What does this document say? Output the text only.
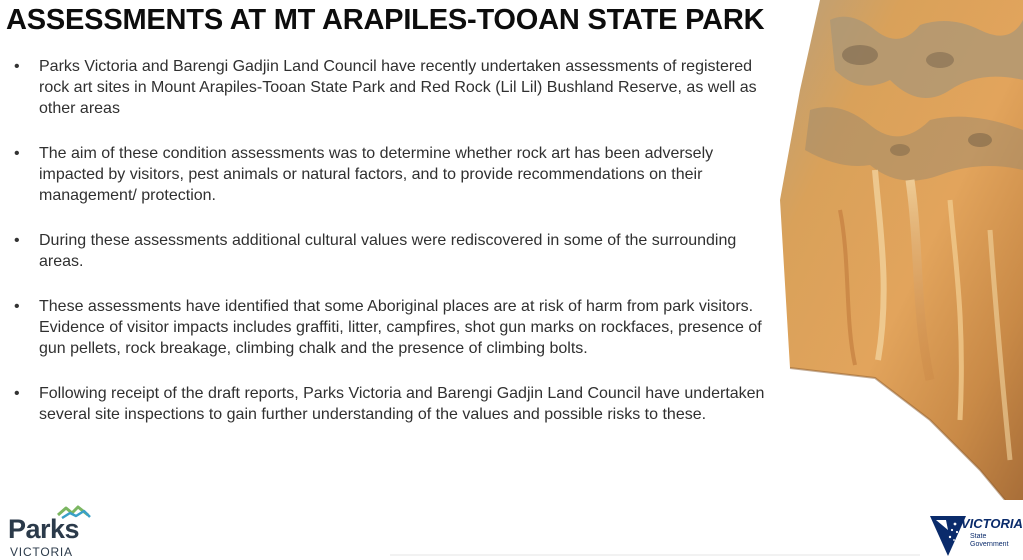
ASSESSMENTS AT MT ARAPILES-TOOAN STATE PARK
• Parks Victoria and Barengi Gadjin Land Council have recently undertaken assessments of registered rock art sites in Mount Arapiles-Tooan State Park and Red Rock (Lil Lil) Bushland Reserve, as well as other areas
• The aim of these condition assessments was to determine whether rock art has been adversely impacted by visitors, pest animals or natural factors, and to provide recommendations on their management/ protection.
• During these assessments additional cultural values were rediscovered in some of the surrounding areas.
• These assessments have identified that some Aboriginal places are at risk of harm from park visitors. Evidence of visitor impacts includes graffiti, litter, campfires, shot gun marks on rockfaces, presence of gun pellets, rock breakage, climbing chalk and the presence of climbing bolts.
• Following receipt of the draft reports, Parks Victoria and Barengi Gadjin Land Council have undertaken several site inspections to gain further understanding of the values and possible risks to these.
Parks
VICTORIA
VICTORIA
State
Government
